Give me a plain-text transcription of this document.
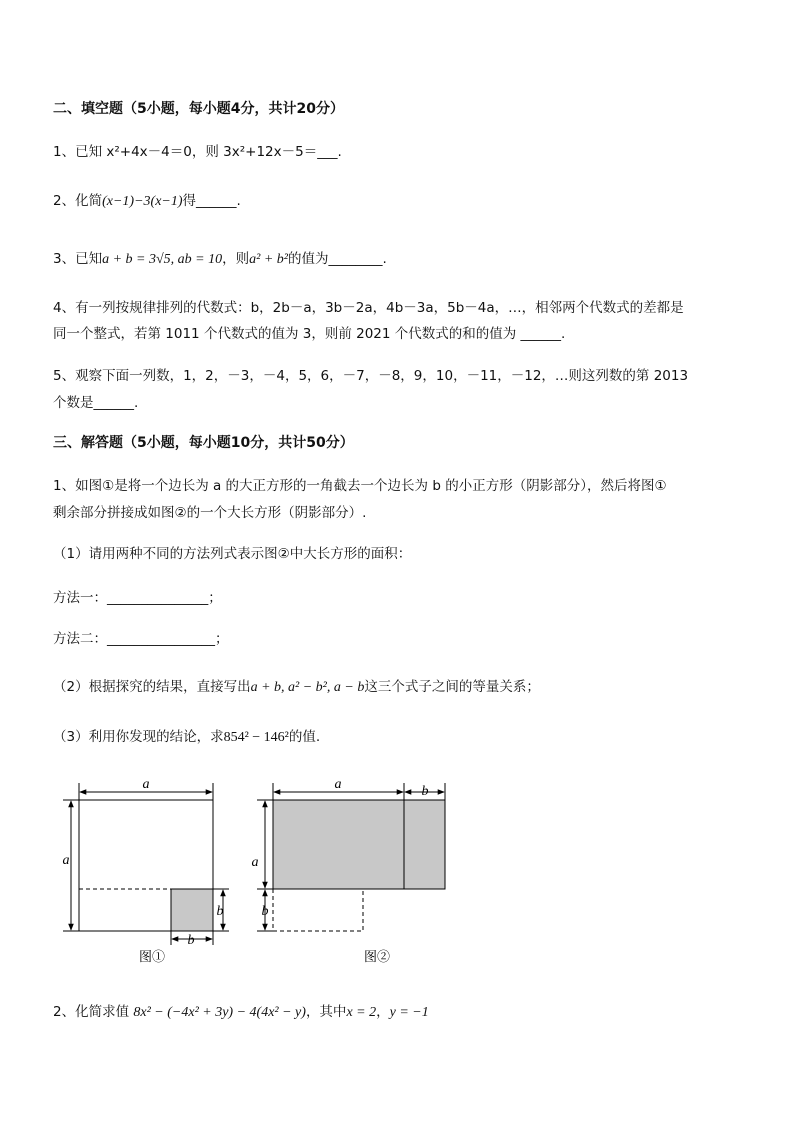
二、填空题（5小题，每小题4分，共计20分）
1、已知 x²+4x－4＝0，则 3x²+12x－5＝___.
2、化简(x−1)−3(x−1)得______.
3、已知a + b = 3√5, ab = 10，则a² + b²的值为________.
4、有一列按规律排列的代数式：b，2b－a，3b－2a，4b－3a，5b－4a，…，相邻两个代数式的差都是
同一个整式，若第 1011 个代数式的值为 3，则前 2021 个代数式的和的值为 ______.
5、观察下面一列数，1，2，－3，－4，5，6，－7，－8，9，10，－11，－12，…则这列数的第 2013
个数是______.
三、解答题（5小题，每小题10分，共计50分）
1、如图①是将一个边长为 a 的大正方形的一角截去一个边长为 b 的小正方形（阴影部分），然后将图①
剩余部分拼接成如图②的一个大长方形（阴影部分）.
（1）请用两种不同的方法列式表示图②中大长方形的面积：
方法一：_______________；
方法二：________________；
（2）根据探究的结果，直接写出a + b, a² − b², a − b这三个式子之间的等量关系；
（3）利用你发现的结论，求854² − 146²的值.
a
a
b
b
图①
a	b
a
b
图②
2、化简求值 8x² − (−4x² + 3y) − 4(4x² − y)，其中x = 2，y = −1
